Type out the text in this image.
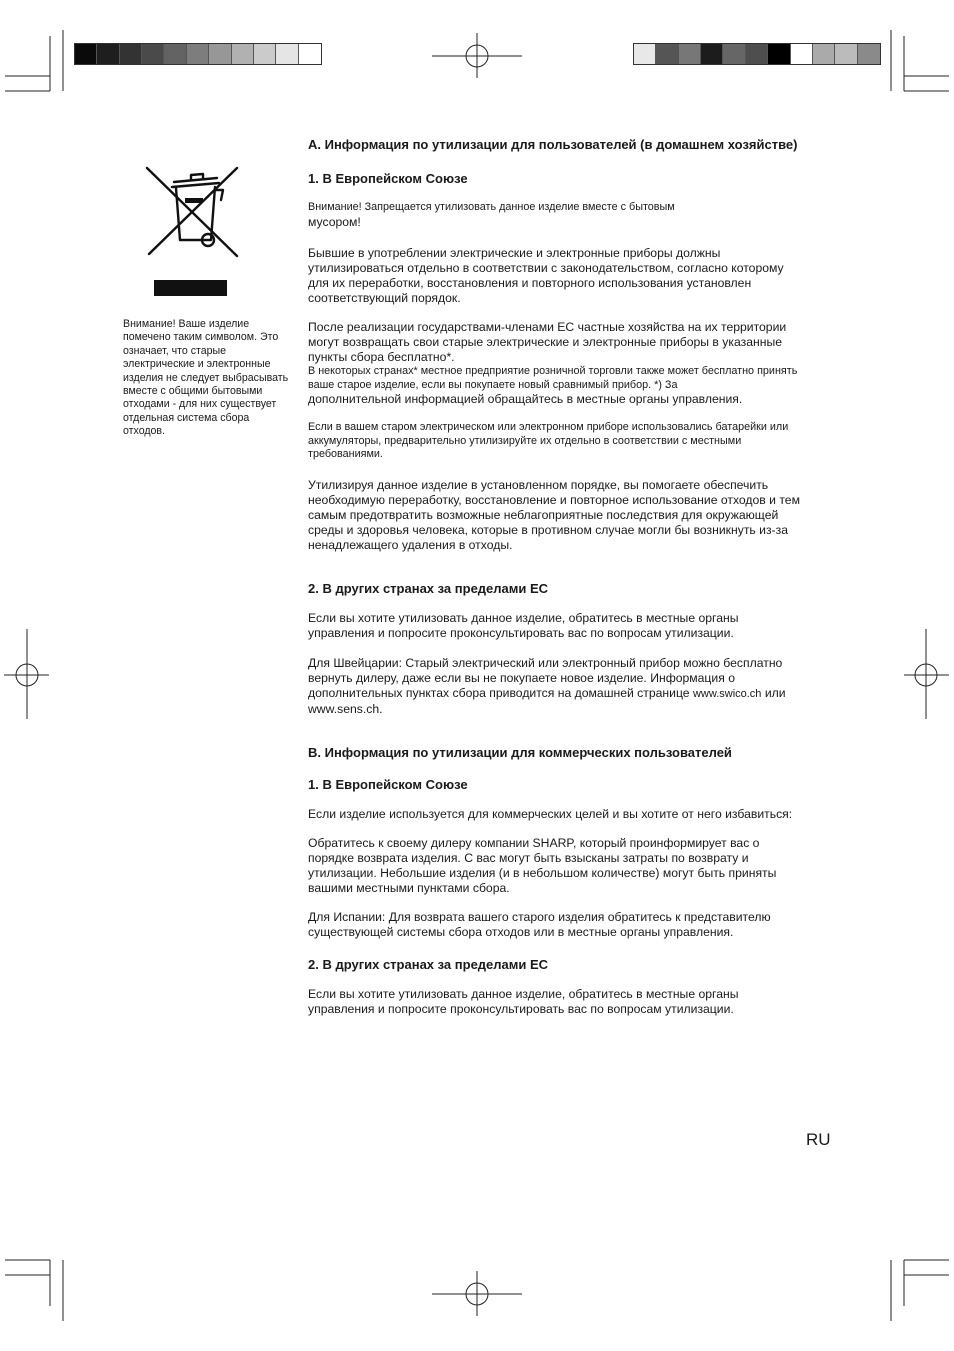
Внимание! Ваше изделие помечено таким символом. Это означает, что старые электрические и электронные изделия не следует выбрасывать вместе с общими бытовыми отходами - для них существует отдельная система сбора отходов.
A. Информация по утилизации для пользователей (в домашнем хозяйстве)
1. В Европейском Союзе

Внимание! Запрещается утилизовать данное изделие вместе с бытовым

мусором!

Бывшие в употреблении электрические и электронные приборы должны утилизироваться отдельно в соответствии с законодательством, согласно которому для их переработки, восстановления и повторного использования установлен соответствующий порядок.

После реализации государствами-членами ЕС частные хозяйства на их территории могут возвращать свои старые электрические и электронные приборы в указанные пункты сбора бесплатно*.

В некоторых странах* местное предприятие розничной торговли также может бесплатно принять ваше старое изделие, если вы покупаете новый сравнимый прибор. *) За

дополнительной информацией обращайтесь в местные органы управления.

Если в вашем старом электрическом или электронном приборе использовались батарейки или аккумуляторы, предварительно утилизируйте их отдельно в соответствии с местными требованиями.

Утилизируя данное изделие в установленном порядке, вы помогаете обеспечить необходимую переработку, восстановление и повторное использование отходов и тем самым предотвратить возможные неблагоприятные последствия для окружающей среды и здоровья человека, которые в противном случае могли бы возникнуть из-за ненадлежащего удаления в отходы.

2. В других странах за пределами ЕС

Если вы хотите утилизовать данное изделие, обратитесь в местные органы управления и попросите проконсультировать вас по вопросам утилизации.

Для Швейцарии: Старый электрический или электронный прибор можно бесплатно вернуть дилеру, даже если вы не покупаете новое изделие. Информация о дополнительных пунктах сбора приводится на домашней странице www.swico.ch или www.sens.ch.

B. Информация по утилизации для коммерческих пользователей
1. В Европейском Союзе

Если изделие используется для коммерческих целей и вы хотите от него избавиться:

Обратитесь к своему дилеру компании SHARP, который проинформирует вас о порядке возврата изделия. С вас могут быть взысканы затраты по возврату и утилизации. Небольшие изделия (и в небольшом количестве) могут быть приняты вашими местными пунктами сбора.

Для Испании: Для возврата вашего старого изделия обратитесь к представителю существующей системы сбора отходов или в местные органы управления.

2. В других странах за пределами ЕС

Если вы хотите утилизовать данное изделие, обратитесь в местные органы управления и попросите проконсультировать вас по вопросам утилизации.

RU
